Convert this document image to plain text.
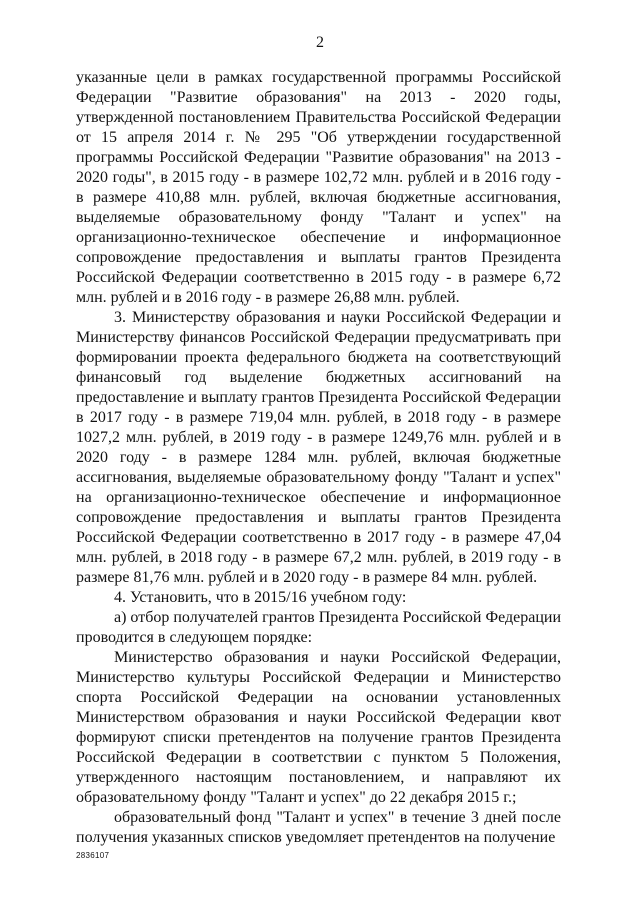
2

указанные цели в рамках государственной программы Российской Федерации "Развитие образования" на 2013 - 2020 годы, утвержденной постановлением Правительства Российской Федерации от 15 апреля 2014 г. № 295 "Об утверждении государственной программы Российской Федерации "Развитие образования" на 2013 - 2020 годы", в 2015 году - в размере 102,72 млн. рублей и в 2016 году - в размере 410,88 млн. рублей, включая бюджетные ассигнования, выделяемые образовательному фонду "Талант и успех" на организационно-техническое обеспечение и информационное сопровождение предоставления и выплаты грантов Президента Российской Федерации соответственно в 2015 году - в размере 6,72 млн. рублей и в 2016 году - в размере 26,88 млн. рублей.

3. Министерству образования и науки Российской Федерации и Министерству финансов Российской Федерации предусматривать при формировании проекта федерального бюджета на соответствующий финансовый год выделение бюджетных ассигнований на предоставление и выплату грантов Президента Российской Федерации в 2017 году - в размере 719,04 млн. рублей, в 2018 году - в размере 1027,2 млн. рублей, в 2019 году - в размере 1249,76 млн. рублей и в 2020 году - в размере 1284 млн. рублей, включая бюджетные ассигнования, выделяемые образовательному фонду "Талант и успех" на организационно-техническое обеспечение и информационное сопровождение предоставления и выплаты грантов Президента Российской Федерации соответственно в 2017 году - в размере 47,04 млн. рублей, в 2018 году - в размере 67,2 млн. рублей, в 2019 году - в размере 81,76 млн. рублей и в 2020 году - в размере 84 млн. рублей.

4. Установить, что в 2015/16 учебном году:

а) отбор получателей грантов Президента Российской Федерации проводится в следующем порядке:

Министерство образования и науки Российской Федерации, Министерство культуры Российской Федерации и Министерство спорта Российской Федерации на основании установленных Министерством образования и науки Российской Федерации квот формируют списки претендентов на получение грантов Президента Российской Федерации в соответствии с пунктом 5 Положения, утвержденного настоящим постановлением, и направляют их образовательному фонду "Талант и успех" до 22 декабря 2015 г.;

образовательный фонд "Талант и успех" в течение 3 дней после получения указанных списков уведомляет претендентов на получение

2836107
